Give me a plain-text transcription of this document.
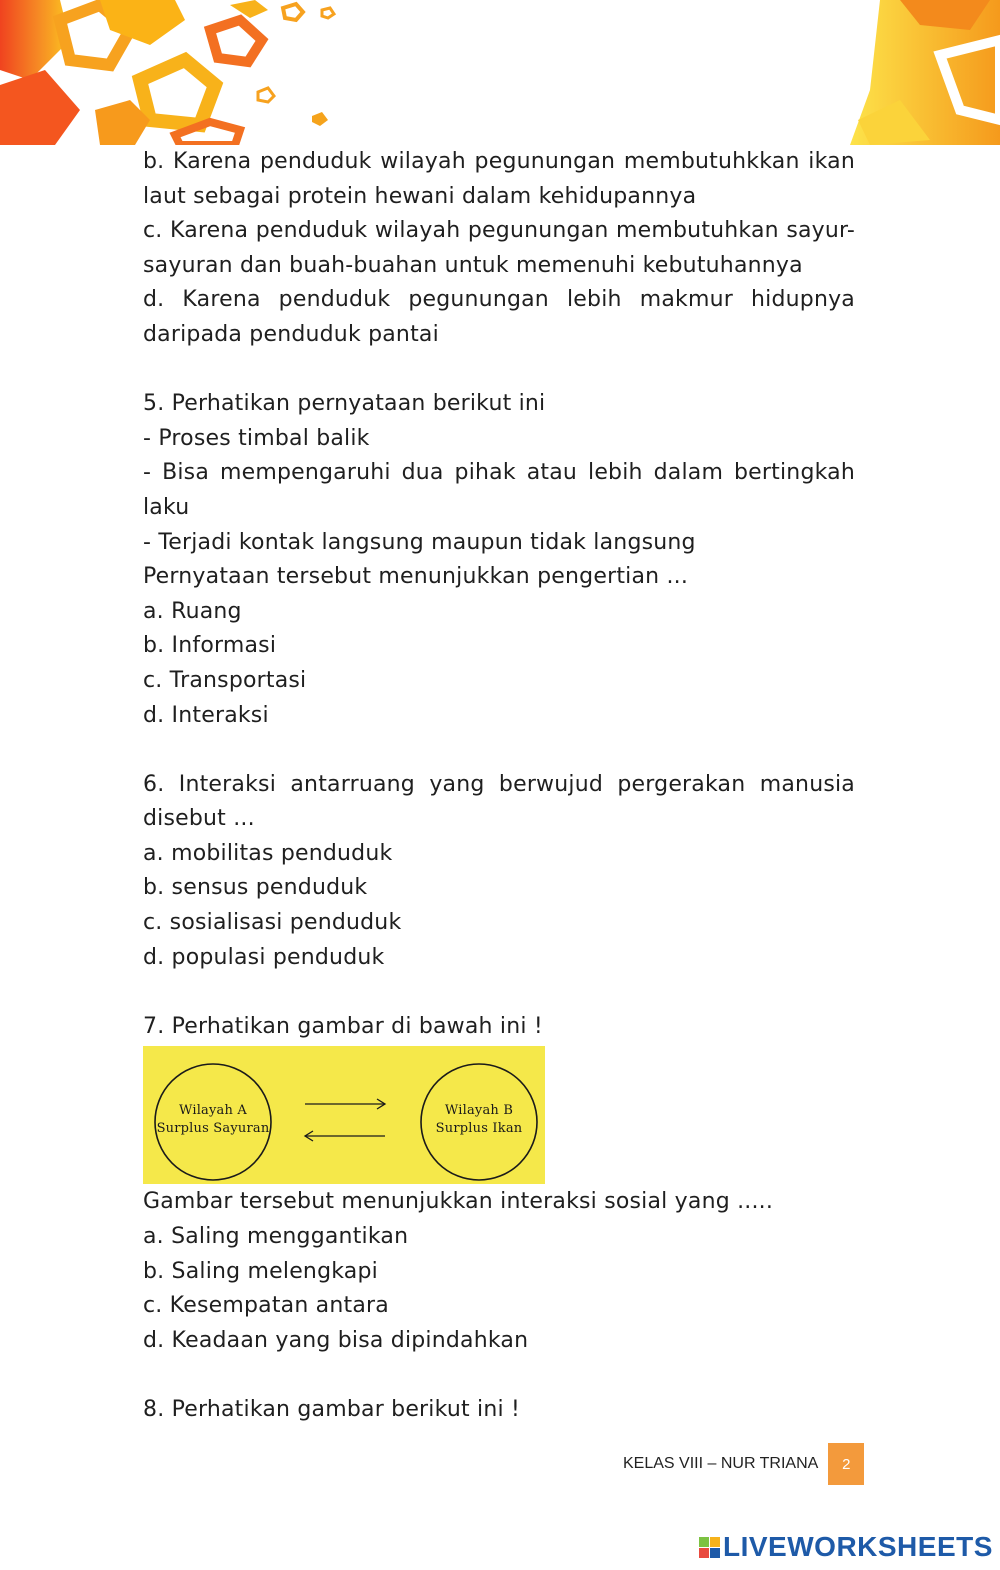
b. Karena penduduk wilayah pegunungan membutuhkkan ikan laut sebagai protein hewani dalam kehidupannya

c. Karena penduduk wilayah pegunungan membutuhkan sayur-sayuran dan buah-buahan untuk memenuhi kebutuhannya

d. Karena penduduk pegunungan lebih makmur hidupnya daripada penduduk pantai

5. Perhatikan pernyataan berikut ini

- Proses timbal balik

- Bisa mempengaruhi dua pihak atau lebih dalam bertingkah laku

- Terjadi kontak langsung maupun tidak langsung

Pernyataan tersebut menunjukkan pengertian ...

a. Ruang

b. Informasi

c. Transportasi

d. Interaksi

6. Interaksi antarruang yang berwujud pergerakan manusia disebut ...

a. mobilitas penduduk

b. sensus penduduk

c. sosialisasi penduduk

d. populasi penduduk

7. Perhatikan gambar di bawah ini !

Wilayah A
Surplus Sayuran
Wilayah B
Surplus Ikan

Gambar tersebut menunjukkan interaksi sosial yang .....

a. Saling menggantikan

b. Saling melengkapi

c. Kesempatan antara

d. Keadaan yang bisa dipindahkan

8. Perhatikan gambar berikut ini !

KELAS VIII – NUR TRIANA	2
LIVEWORKSHEETS
